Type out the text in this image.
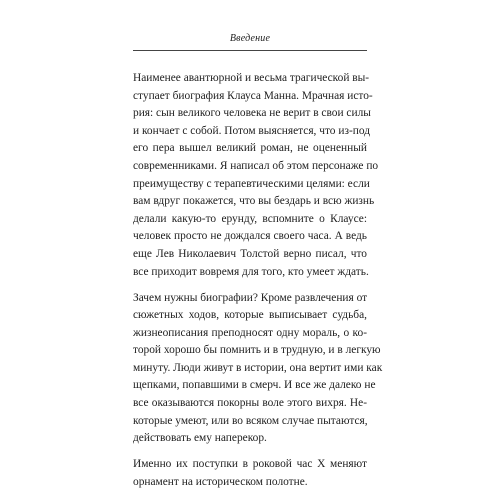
Введение

Наименее авантюрной и весьма трагической вы-
ступает биография Клауса Манна. Мрачная исто-
рия: сын великого человека не верит в свои силы
и кончает с собой. Потом выясняется, что из-под
его пера вышел великий роман, не оцененный
современниками. Я написал об этом персонаже по
преимуществу с терапевтическими целями: если
вам вдруг покажется, что вы бездарь и всю жизнь
делали какую-то ерунду, вспомните о Клаусе:
человек просто не дождался своего часа. А ведь
еще Лев Николаевич Толстой верно писал, что
все приходит вовремя для того, кто умеет ждать.

Зачем нужны биографии? Кроме развлечения от
сюжетных ходов, которые выписывает судьба,
жизнеописания преподносят одну мораль, о ко-
торой хорошо бы помнить и в трудную, и в легкую
минуту. Люди живут в истории, она вертит ими как
щепками, попавшими в смерч. И все же далеко не
все оказываются покорны воле этого вихря. Не-
которые умеют, или во всяком случае пытаются,
действовать ему наперекор.

Именно их поступки в роковой час Х меняют
орнамент на историческом полотне.
